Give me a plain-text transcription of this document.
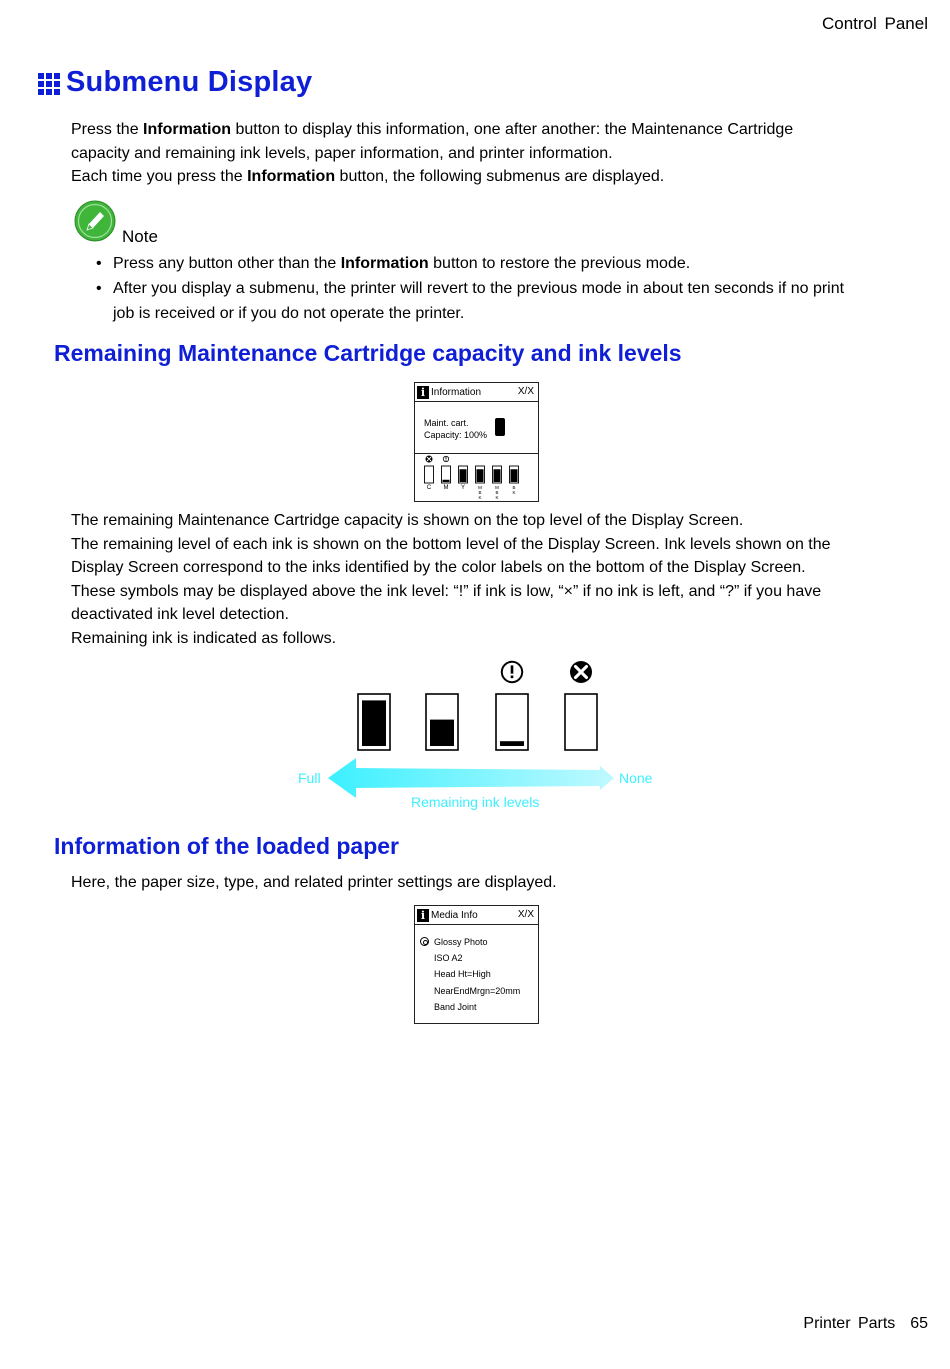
Control Panel
Printer Parts 65
Submenu Display
Press the Information button to display this information, one after another: the Maintenance Cartridge
capacity and remaining ink levels, paper information, and printer information.
Each time you press the Information button, the following submenus are displayed.
Note
• Press any button other than the Information button to restore the previous mode.
• After you display a submenu, the printer will revert to the previous mode in about ten seconds if no print
job is received or if you do not operate the printer.
Remaining Maintenance Cartridge capacity and ink levels
i Information	X/X
Maint. cart.
Capacity: 100%
C M Y	M
B
K
M
B
K
B
K
The remaining Maintenance Cartridge capacity is shown on the top level of the Display Screen.
The remaining level of each ink is shown on the bottom level of the Display Screen. Ink levels shown on the
Display Screen correspond to the inks identified by the color labels on the bottom of the Display Screen.
These symbols may be displayed above the ink level: “!” if ink is low, “×” if no ink is left, and “?” if you have
deactivated ink level detection.
Remaining ink is indicated as follows.
Full	None
Remaining ink levels
Information of the loaded paper
Here, the paper size, type, and related printer settings are displayed.
i Media Info	X/X
Glossy Photo
ISO A2
Head Ht=High
NearEndMrgn=20mm
Band Joint
